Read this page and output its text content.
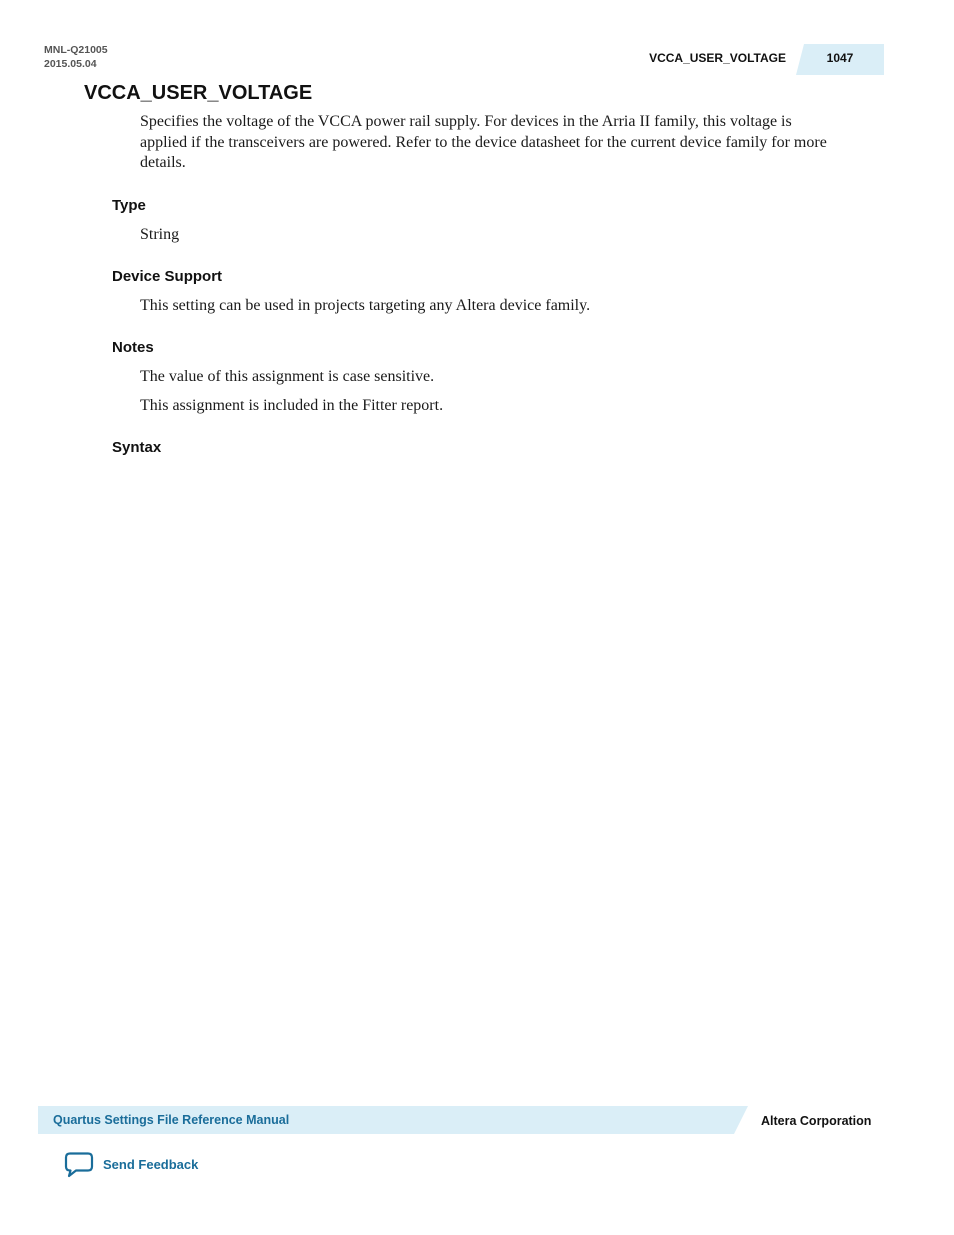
MNL-Q21005
2015.05.04	VCCA_USER_VOLTAGE	1047
VCCA_USER_VOLTAGE

Specifies the voltage of the VCCA power rail supply. For devices in the Arria II family, this voltage is applied if the transceivers are powered. Refer to the device datasheet for the current device family for more details.

Type

String

Device Support

This setting can be used in projects targeting any Altera device family.

Notes

The value of this assignment is case sensitive.

This assignment is included in the Fitter report.

Syntax
Quartus Settings File Reference Manual	Altera Corporation
Send Feedback
